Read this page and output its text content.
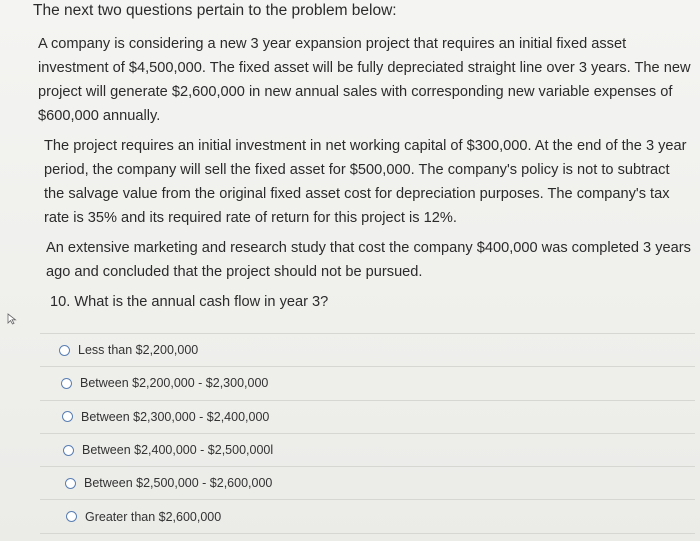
The next two questions pertain to the problem below:

A company is considering a new 3 year expansion project that requires an initial fixed asset investment of $4,500,000. The fixed asset will be fully depreciated straight line over 3 years. The new project will generate $2,600,000 in new annual sales with corresponding new variable expenses of $600,000 annually.

The project requires an initial investment in net working capital of $300,000. At the end of the 3 year period, the company will sell the fixed asset for $500,000. The company's policy is not to subtract the salvage value from the original fixed asset cost for depreciation purposes. The company's tax rate is 35% and its required rate of return for this project is 12%.

An extensive marketing and research study that cost the company $400,000 was completed 3 years ago and concluded that the project should not be pursued.

10. What is the annual cash flow in year 3?

Less than $2,200,000
Between $2,200,000 - $2,300,000
Between $2,300,000 - $2,400,000
Between $2,400,000 - $2,500,000l
Between $2,500,000 - $2,600,000
Greater than $2,600,000
